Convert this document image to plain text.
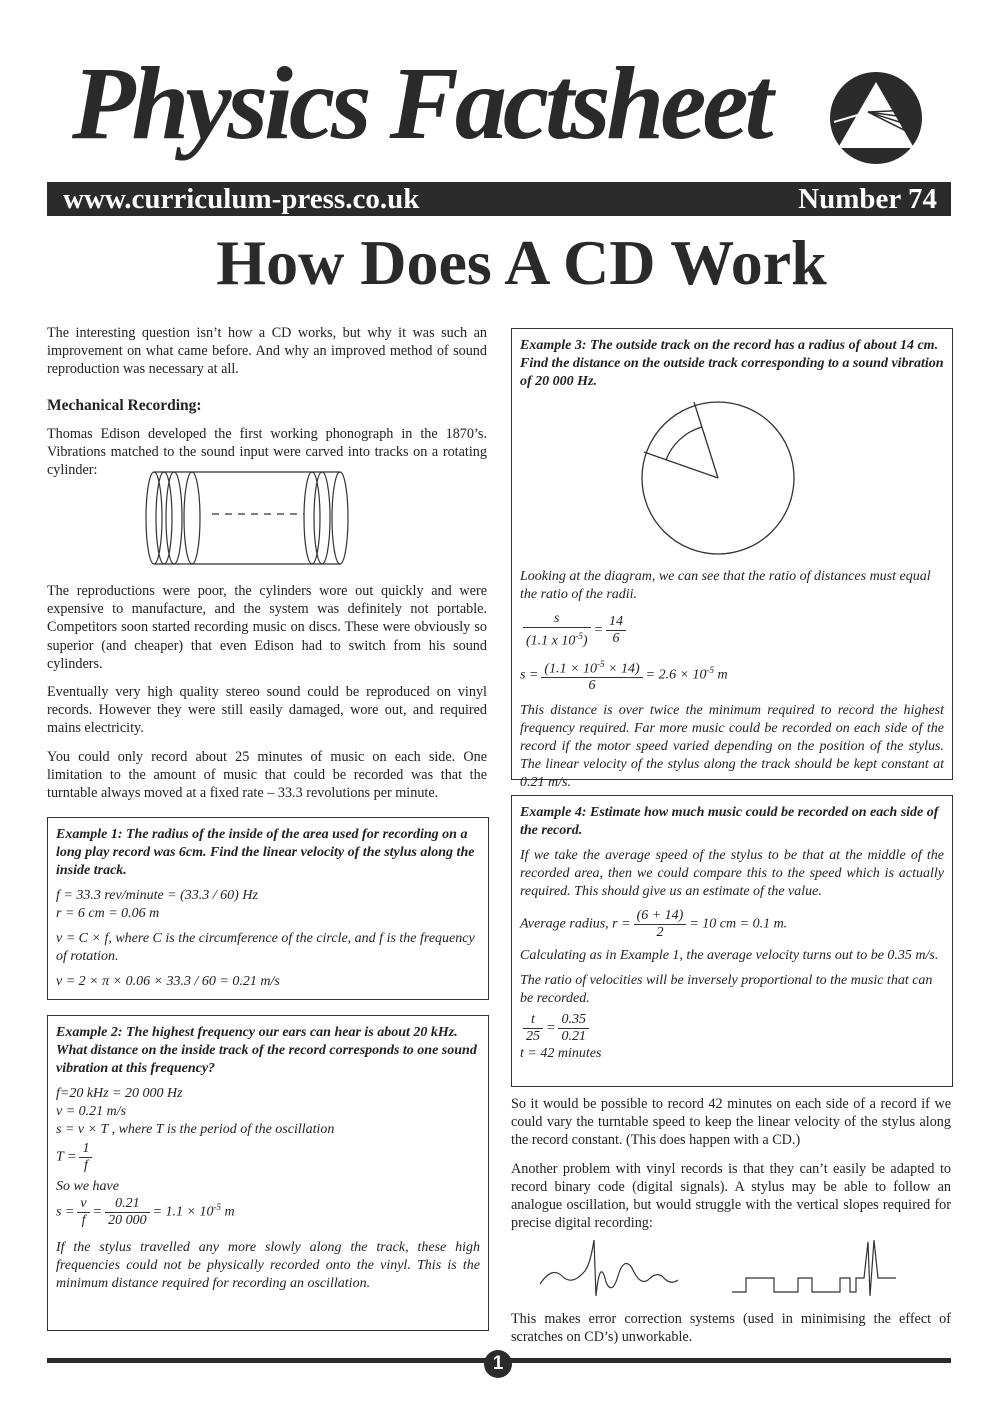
Physics Factsheet
www.curriculum-press.co.uk	Number 74
How Does A CD Work

The interesting question isn’t how a CD works, but why it was such an improvement on what came before. And why an improved method of sound reproduction was necessary at all.

Mechanical Recording:

Thomas Edison developed the first working phonograph in the 1870’s. Vibrations matched to the sound input were carved into tracks on a rotating cylinder:

The reproductions were poor, the cylinders wore out quickly and were expensive to manufacture, and the system was definitely not portable. Competitors soon started recording music on discs. These were obviously so superior (and cheaper) that even Edison had to switch from his sound cylinders.

Eventually very high quality stereo sound could be reproduced on vinyl records. However they were still easily damaged, wore out, and required mains electricity.

You could only record about 25 minutes of music on each side. One limitation to the amount of music that could be recorded was that the turntable always moved at a fixed rate – 33.3 revolutions per minute.

Example 1: The radius of the inside of the area used for recording on a long play record was 6cm. Find the linear velocity of the stylus along the inside track.

f = 33.3 rev/minute = (33.3 / 60) Hz

r = 6 cm = 0.06 m

v = C × f, where C is the circumference of the circle, and f is the frequency of rotation.

v = 2 × π × 0.06 × 33.3 / 60 = 0.21 m/s

Example 2: The highest frequency our ears can hear is about 20 kHz. What distance on the inside track of the record corresponds to one sound vibration at this frequency?

f=20 kHz = 20 000 Hz

v = 0.21 m/s

s = v × T , where T is the period of the oscillation

$T = \frac{1}{f}$

So we have

$s = \frac{v}{f} = \frac{0.21}{20 000} = 1.1 \times 10^{-5}$ m

If the stylus travelled any more slowly along the track, these high frequencies could not be physically recorded onto the vinyl. This is the minimum distance required for recording an oscillation.

Example 3: The outside track on the record has a radius of about 14 cm. Find the distance on the outside track corresponding to a sound vibration of 20 000 Hz.

Looking at the diagram, we can see that the ratio of distances must equal the ratio of the radii.

$\frac{s}{(1.1 x 10^{-5})} = \frac{14}{6}$
$s = \frac{(1.1 \times 10^{-5} \times 14)}{6} = 2.6 \times 10^{-5}$ m

This distance is over twice the minimum required to record the highest frequency required. Far more music could be recorded on each side of the record if the motor speed varied depending on the position of the stylus. The linear velocity of the stylus along the track should be kept constant at 0.21 m/s.

Example 4: Estimate how much music could be recorded on each side of the record.

If we take the average speed of the stylus to be that at the middle of the recorded area, then we could compare this to the speed which is actually required. This should give us an estimate of the value.

Average radius, $r = \frac{(6 + 14)}{2} = 10$ cm = 0.1 m.

Calculating as in Example 1, the average velocity turns out to be 0.35 m/s.

The ratio of velocities will be inversely proportional to the music that can be recorded.

$\frac{t}{25} = \frac{0.35}{0.21}$

t = 42 minutes

So it would be possible to record 42 minutes on each side of a record if we could vary the turntable speed to keep the linear velocity of the stylus along the record constant. (This does happen with a CD.)

Another problem with vinyl records is that they can’t easily be adapted to record binary code (digital signals). A stylus may be able to follow an analogue oscillation, but would struggle with the vertical slopes required for precise digital recording:

This makes error correction systems (used in minimising the effect of scratches on CD’s) unworkable.

1
